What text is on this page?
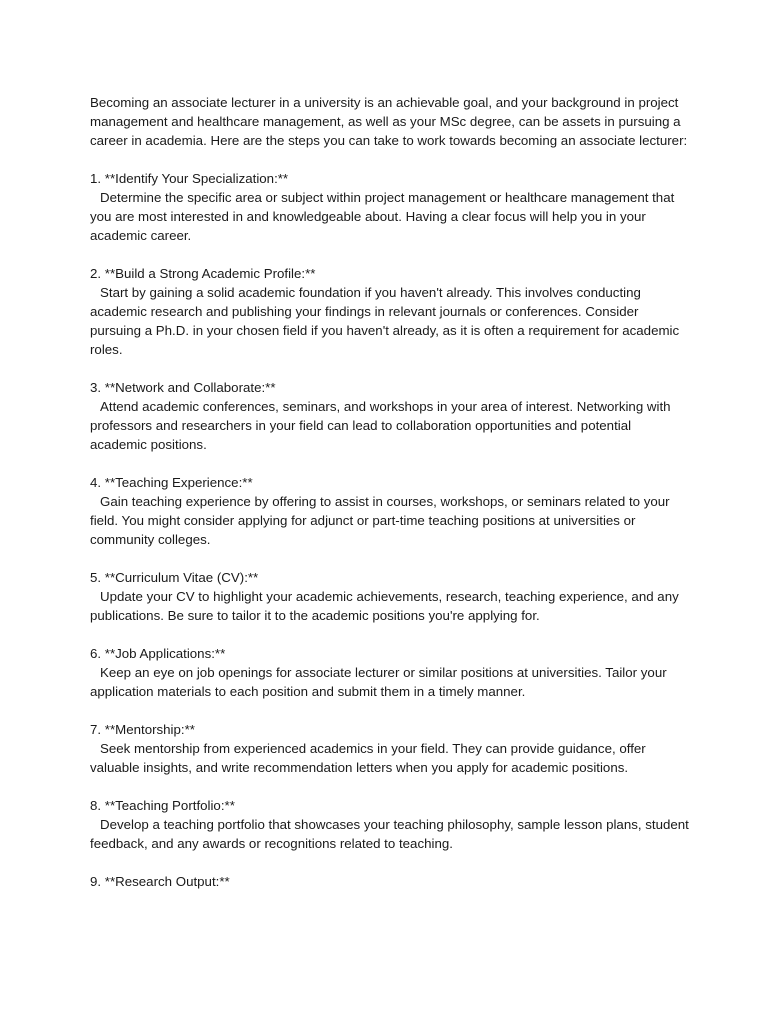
Becoming an associate lecturer in a university is an achievable goal, and your background in project management and healthcare management, as well as your MSc degree, can be assets in pursuing a career in academia. Here are the steps you can take to work towards becoming an associate lecturer:

1. **Identify Your Specialization:**

Determine the specific area or subject within project management or healthcare management that you are most interested in and knowledgeable about. Having a clear focus will help you in your academic career.

2. **Build a Strong Academic Profile:**

Start by gaining a solid academic foundation if you haven't already. This involves conducting academic research and publishing your findings in relevant journals or conferences. Consider pursuing a Ph.D. in your chosen field if you haven't already, as it is often a requirement for academic roles.

3. **Network and Collaborate:**

Attend academic conferences, seminars, and workshops in your area of interest. Networking with professors and researchers in your field can lead to collaboration opportunities and potential academic positions.

4. **Teaching Experience:**

Gain teaching experience by offering to assist in courses, workshops, or seminars related to your field. You might consider applying for adjunct or part-time teaching positions at universities or community colleges.

5. **Curriculum Vitae (CV):**

Update your CV to highlight your academic achievements, research, teaching experience, and any publications. Be sure to tailor it to the academic positions you're applying for.

6. **Job Applications:**

Keep an eye on job openings for associate lecturer or similar positions at universities. Tailor your application materials to each position and submit them in a timely manner.

7. **Mentorship:**

Seek mentorship from experienced academics in your field. They can provide guidance, offer valuable insights, and write recommendation letters when you apply for academic positions.

8. **Teaching Portfolio:**

Develop a teaching portfolio that showcases your teaching philosophy, sample lesson plans, student feedback, and any awards or recognitions related to teaching.

9. **Research Output:**
